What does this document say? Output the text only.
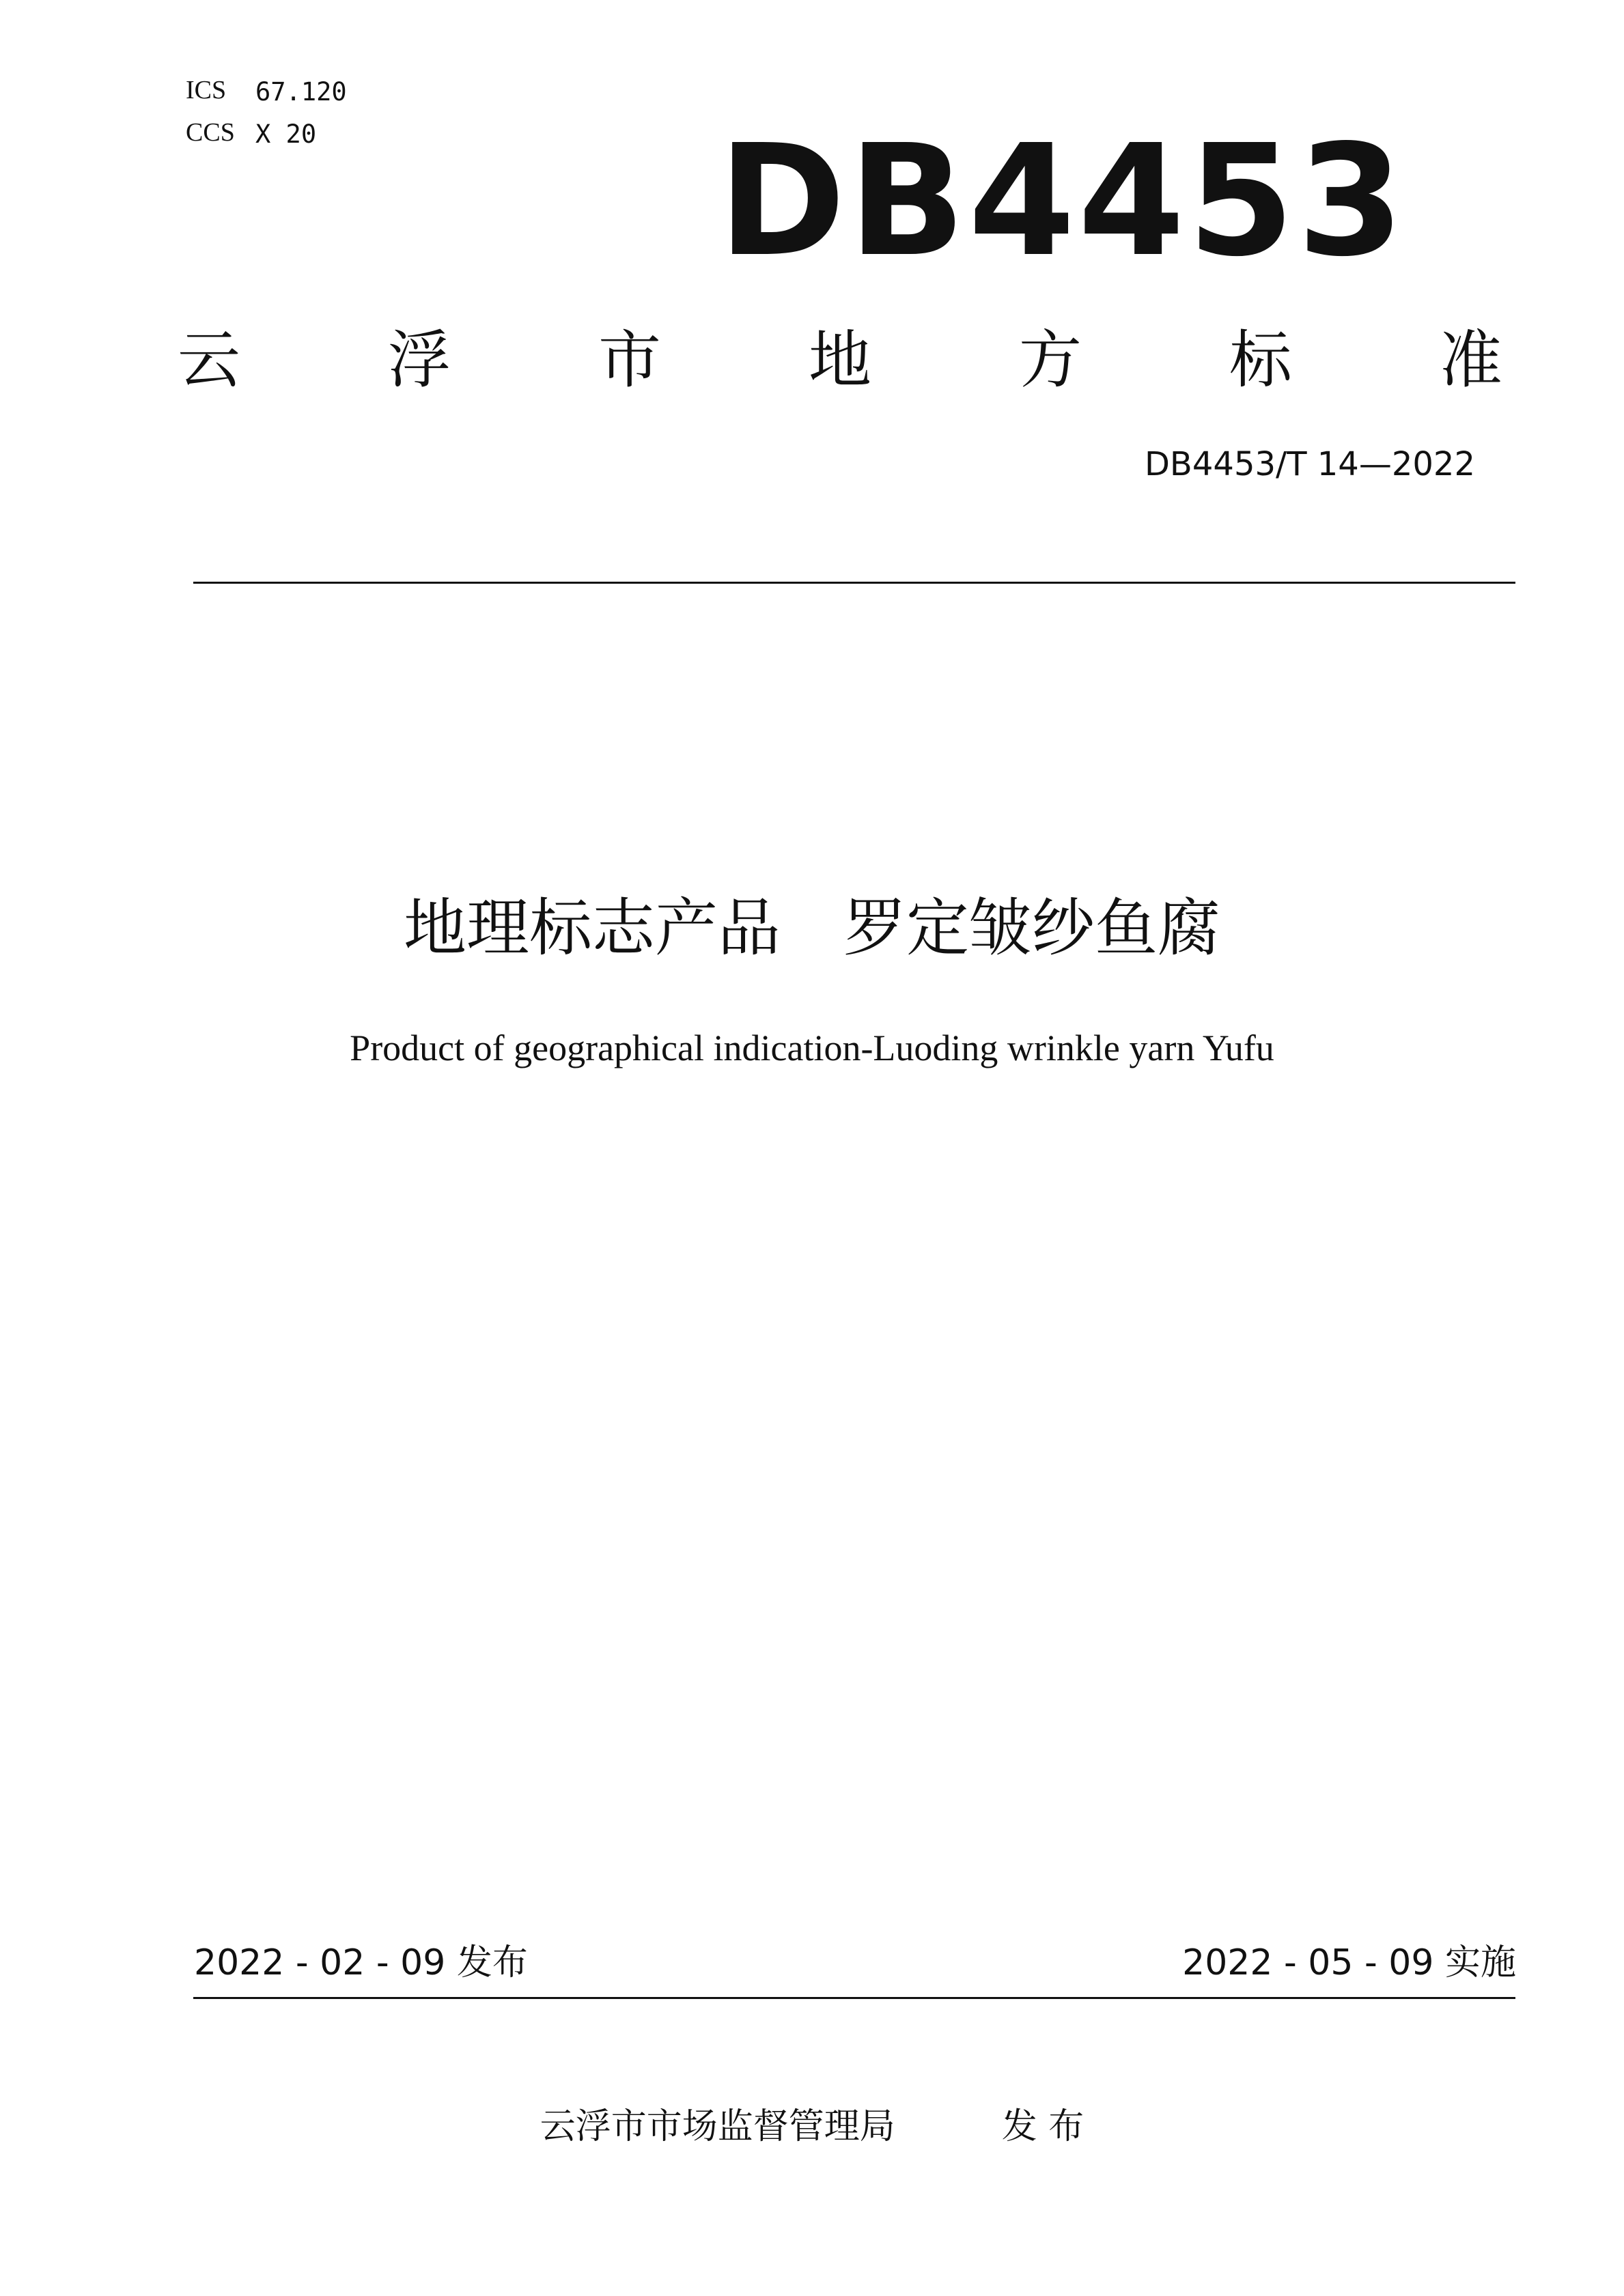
ICS 67.120
CCS X 20	DB4453
云 浮 市 地 方 标 准
DB4453/T 14—2022
地理标志产品　罗定皱纱鱼腐
Product of geographical indication-Luoding wrinkle yarn Yufu
2022 - 02 - 09 发布	2022 - 05 - 09 实施
云浮市市场监督管理局　　　发 布
